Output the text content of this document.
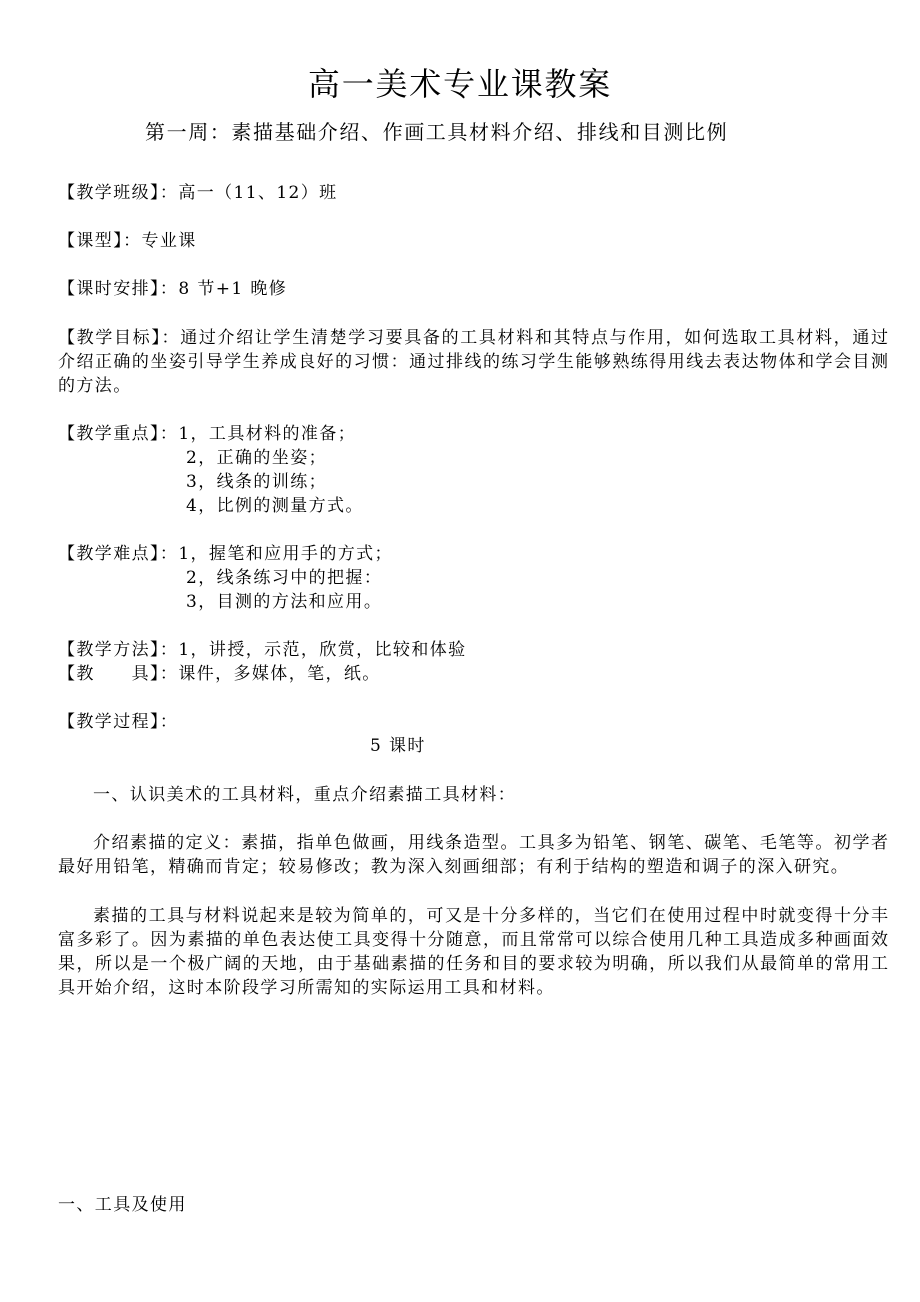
高一美术专业课教案
第一周：素描基础介绍、作画工具材料介绍、排线和目测比例
【教学班级】：高一（11、12）班
【课型】：专业课
【课时安排】：8 节+1 晚修
【教学目标】：通过介绍让学生清楚学习要具备的工具材料和其特点与作用，如何选取工具材料，通过
介绍正确的坐姿引导学生养成良好的习惯：通过排线的练习学生能够熟练得用线去表达物体和学会目测
的方法。
【教学重点】：1，工具材料的准备；
2，正确的坐姿；
3，线条的训练；
4，比例的测量方式。
【教学难点】：1，握笔和应用手的方式；
2，线条练习中的把握：
3，目测的方法和应用。
【教学方法】：1，讲授，示范，欣赏，比较和体验
【教　　具】：课件，多媒体，笔，纸。
【教学过程】：
5 课时
一、认识美术的工具材料，重点介绍素描工具材料：
介绍素描的定义：素描，指单色做画，用线条造型。工具多为铅笔、钢笔、碳笔、毛笔等。初学者
最好用铅笔，精确而肯定；较易修改；教为深入刻画细部；有利于结构的塑造和调子的深入研究。
素描的工具与材料说起来是较为简单的，可又是十分多样的，当它们在使用过程中时就变得十分丰
富多彩了。因为素描的单色表达使工具变得十分随意，而且常常可以综合使用几种工具造成多种画面效
果，所以是一个极广阔的天地，由于基础素描的任务和目的要求较为明确，所以我们从最简单的常用工
具开始介绍，这时本阶段学习所需知的实际运用工具和材料。
一、工具及使用
